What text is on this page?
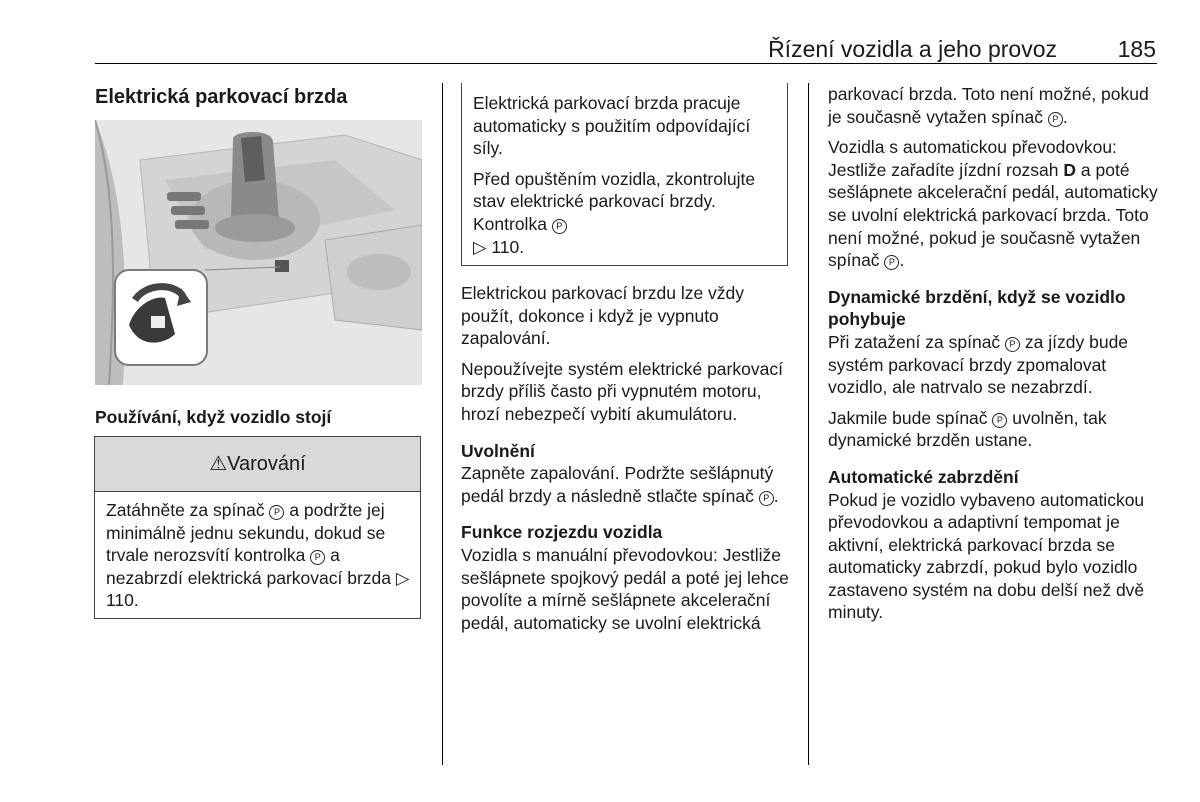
Řízení vozidla a jeho provoz	185
Elektrická parkovací brzda
Používání, když vozidlo stojí
⚠Varování
Zatáhněte za spínač P a podržte jej minimálně jednu sekundu, dokud se trvale nerozsvítí kontrolka P a nezabrzdí elektrická parkovací brzda ▷ 110.

Elektrická parkovací brzda pracuje automaticky s použitím odpovídající síly.

Před opuštěním vozidla, zkontrolujte stav elektrické parkovací brzdy. Kontrolka P
▷ 110.

Elektrickou parkovací brzdu lze vždy použít, dokonce i když je vypnuto zapalování.

Nepoužívejte systém elektrické parkovací brzdy příliš často při vypnutém motoru, hrozí nebezpečí vybití akumulátoru.

Uvolnění

Zapněte zapalování. Podržte sešlápnutý pedál brzdy a následně stlačte spínač P .

Funkce rozjezdu vozidla

Vozidla s manuální převodovkou: Jestliže sešlápnete spojkový pedál a poté jej lehce povolíte a mírně sešlápnete akcelerační pedál, automaticky se uvolní elektrická

parkovací brzda. Toto není možné, pokud je současně vytažen spínač P .

Vozidla s automatickou převodovkou: Jestliže zařadíte jízdní rozsah D a poté sešlápnete akcelerační pedál, automaticky se uvolní elektrická parkovací brzda. Toto není možné, pokud je současně vytažen spínač P .

Dynamické brzdění, když se vozidlo pohybuje

Při zatažení za spínač P za jízdy bude systém parkovací brzdy zpomalovat vozidlo, ale natrvalo se nezabrzdí.

Jakmile bude spínač P uvolněn, tak dynamické brzděn ustane.

Automatické zabrzdění

Pokud je vozidlo vybaveno automatickou převodovkou a adaptivní tempomat je aktivní, elektrická parkovací brzda se automaticky zabrzdí, pokud bylo vozidlo zastaveno systém na dobu delší než dvě minuty.
